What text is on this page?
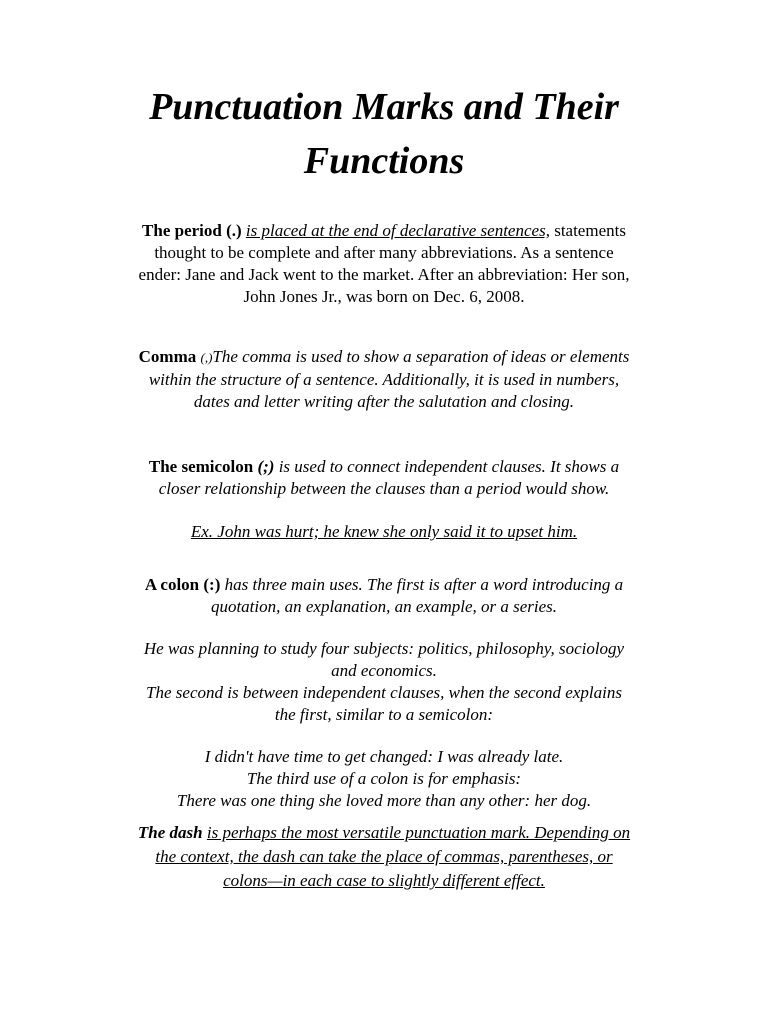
Punctuation Marks and Their
Functions

The period (.) is placed at the end of declarative sentences, statements
thought to be complete and after many abbreviations. As a sentence
ender: Jane and Jack went to the market. After an abbreviation: Her son,
John Jones Jr., was born on Dec. 6, 2008.

Comma (,)The comma is used to show a separation of ideas or elements
within the structure of a sentence. Additionally, it is used in numbers,
dates and letter writing after the salutation and closing.

The semicolon (;) is used to connect independent clauses. It shows a
closer relationship between the clauses than a period would show.

Ex. John was hurt; he knew she only said it to upset him.

A colon (:) has three main uses. The first is after a word introducing a
quotation, an explanation, an example, or a series.

He was planning to study four subjects: politics, philosophy, sociology
and economics.
The second is between independent clauses, when the second explains
the first, similar to a semicolon:

I didn't have time to get changed: I was already late.
The third use of a colon is for emphasis:
There was one thing she loved more than any other: her dog.

The dash is perhaps the most versatile punctuation mark. Depending on
the context, the dash can take the place of commas, parentheses, or
colons—in each case to slightly different effect.
